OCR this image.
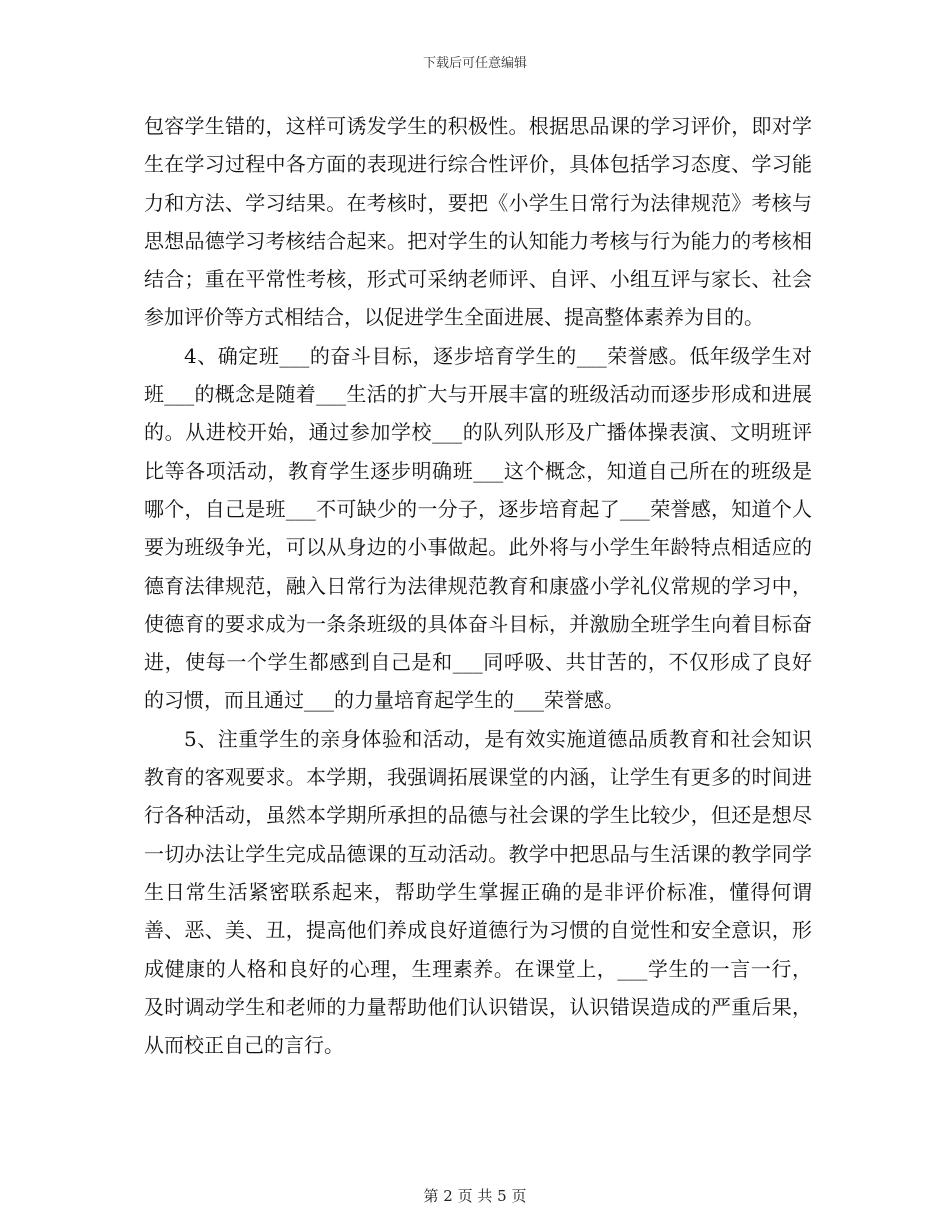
下载后可任意编辑

包容学生错的，这样可诱发学生的积极性。根据思品课的学习评价，即对学生在学习过程中各方面的表现进行综合性评价，具体包括学习态度、学习能力和方法、学习结果。在考核时，要把《小学生日常行为法律规范》考核与思想品德学习考核结合起来。把对学生的认知能力考核与行为能力的考核相结合；重在平常性考核，形式可采纳老师评、自评、小组互评与家长、社会参加评价等方式相结合，以促进学生全面进展、提高整体素养为目的。

4、确定班___的奋斗目标，逐步培育学生的___荣誉感。低年级学生对班___的概念是随着___生活的扩大与开展丰富的班级活动而逐步形成和进展的。从进校开始，通过参加学校___的队列队形及广播体操表演、文明班评比等各项活动，教育学生逐步明确班___这个概念，知道自己所在的班级是哪个，自己是班___不可缺少的一分子，逐步培育起了___荣誉感，知道个人要为班级争光，可以从身边的小事做起。此外将与小学生年龄特点相适应的德育法律规范，融入日常行为法律规范教育和康盛小学礼仪常规的学习中，使德育的要求成为一条条班级的具体奋斗目标，并激励全班学生向着目标奋进，使每一个学生都感到自己是和___同呼吸、共甘苦的，不仅形成了良好的习惯，而且通过___的力量培育起学生的___荣誉感。

5、注重学生的亲身体验和活动，是有效实施道德品质教育和社会知识教育的客观要求。本学期，我强调拓展课堂的内涵，让学生有更多的时间进行各种活动，虽然本学期所承担的品德与社会课的学生比较少，但还是想尽一切办法让学生完成品德课的互动活动。教学中把思品与生活课的教学同学生日常生活紧密联系起来，帮助学生掌握正确的是非评价标准，懂得何谓善、恶、美、丑，提高他们养成良好道德行为习惯的自觉性和安全意识，形成健康的人格和良好的心理，生理素养。在课堂上，___学生的一言一行，及时调动学生和老师的力量帮助他们认识错误，认识错误造成的严重后果，从而校正自己的言行。

第 2 页 共 5 页
